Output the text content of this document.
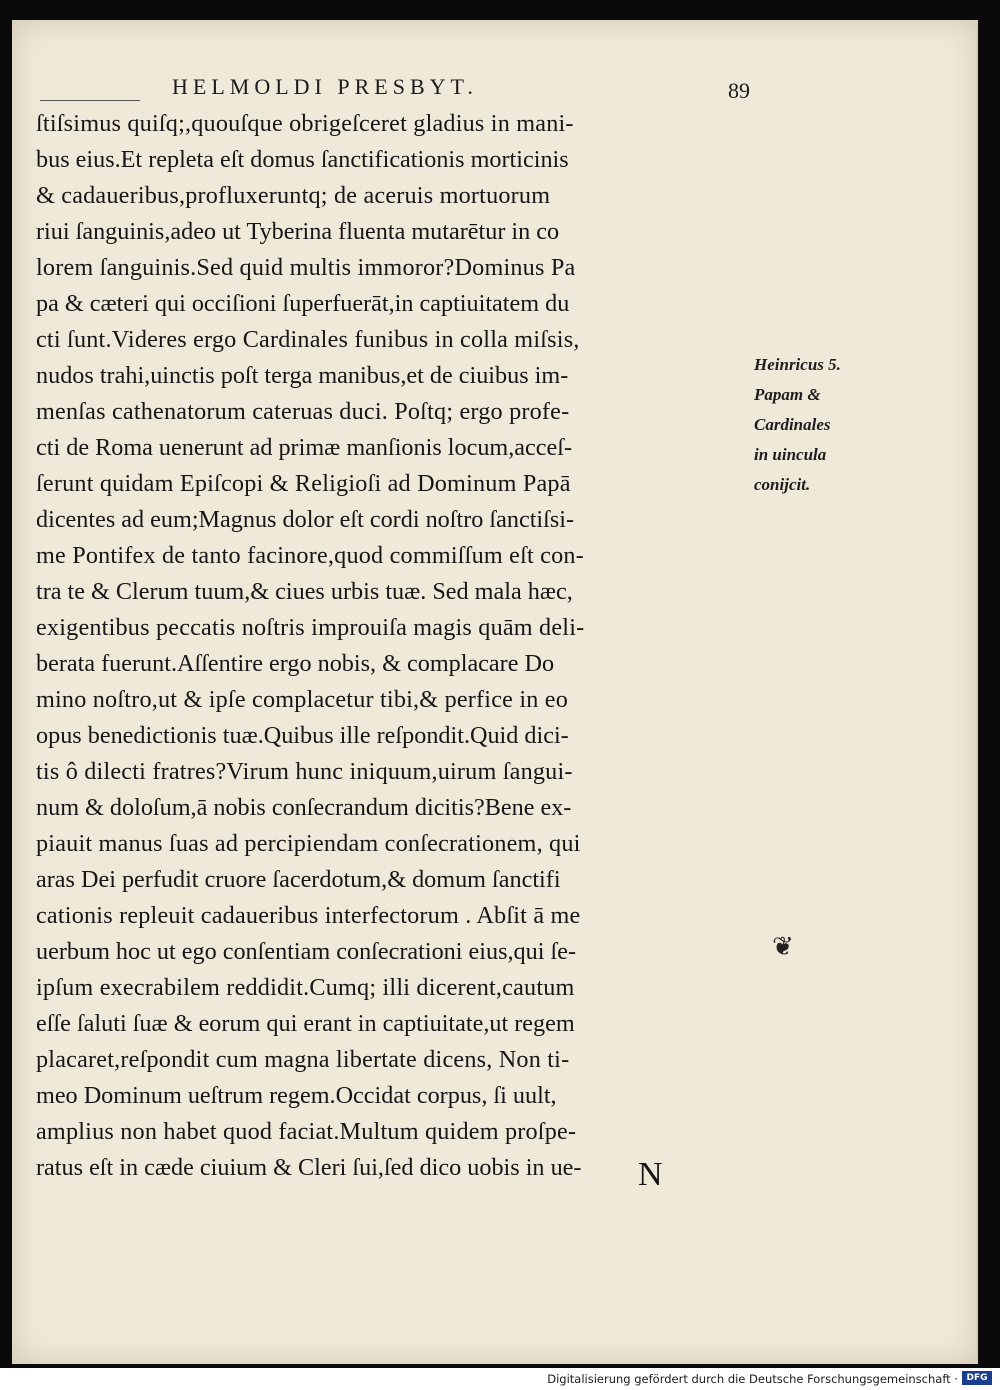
HELMOLDI PRESBYT.	89
ſtiſsimus quiſq;,quouſque obrigeſceret gladius in mani-
bus eius.Et repleta eſt domus ſanctificationis morticinis
& cadaueribus,profluxeruntq; de aceruis mortuorum
riui ſanguinis,adeo ut Tyberina fluenta mutarētur in co
lorem ſanguinis.Sed quid multis immoror?Dominus Pa
pa & cæteri qui occiſioni ſuperfuerāt,in captiuitatem du
cti ſunt.Videres ergo Cardinales funibus in colla miſsis,
nudos trahi,uinctis poſt terga manibus,et de ciuibus im-
menſas cathenatorum cateruas duci. Poſtq; ergo profe-
cti de Roma uenerunt ad primæ manſionis locum,acceſ-
ſerunt quidam Epiſcopi & Religioſi ad Dominum Papā
dicentes ad eum;Magnus dolor eſt cordi noſtro ſanctiſsi-
me Pontifex de tanto facinore,quod commiſſum eſt con-
tra te & Clerum tuum,& ciues urbis tuæ. Sed mala hæc,
exigentibus peccatis noſtris improuiſa magis quām deli-
berata fuerunt.Aſſentire ergo nobis, & complacare Do
mino noſtro,ut & ipſe complacetur tibi,& perfice in eo
opus benedictionis tuæ.Quibus ille reſpondit.Quid dici-
tis ô dilecti fratres?Virum hunc iniquum,uirum ſangui-
num & doloſum,ā nobis conſecrandum dicitis?Bene ex-
piauit manus ſuas ad percipiendam conſecrationem, qui
aras Dei perfudit cruore ſacerdotum,& domum ſanctifi
cationis repleuit cadaueribus interfectorum . Abſit ā me
uerbum hoc ut ego conſentiam conſecrationi eius,qui ſe-
ipſum execrabilem reddidit.Cumq; illi dicerent,cautum
eſſe ſaluti ſuæ & eorum qui erant in captiuitate,ut regem
placaret,reſpondit cum magna libertate dicens, Non ti-
meo Dominum ueſtrum regem.Occidat corpus, ſi uult,
amplius non habet quod faciat.Multum quidem proſpe-
ratus eſt in cæde ciuium & Cleri ſui,ſed dico uobis in ue-
Heinricus 5.
Papam &
Cardinales
in uincula
conijcit.
❦
N
Digitalisierung gefördert durch die Deutsche Forschungsgemeinschaft · DFG
